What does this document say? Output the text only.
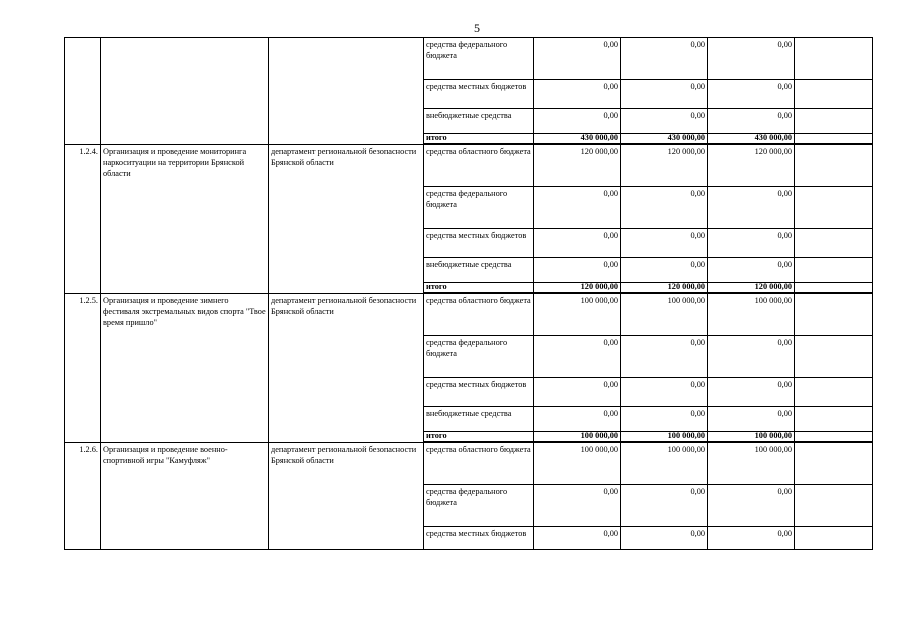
5
			средства федерального бюджета	0,00	0,00	0,00	
			средства местных бюджетов	0,00	0,00	0,00	
			внебюджетные средства	0,00	0,00	0,00	
			итого	430 000,00	430 000,00	430 000,00	
1.2.4.	Организация и проведение мониторинга наркоситуации на территории Брянской области	департамент региональной безопасности Брянской области	средства областного бюджета	120 000,00	120 000,00	120 000,00	
			средства федерального бюджета	0,00	0,00	0,00	
			средства местных бюджетов	0,00	0,00	0,00	
			внебюджетные средства	0,00	0,00	0,00	
			итого	120 000,00	120 000,00	120 000,00	
1.2.5.	Организация и проведение зимнего фестиваля экстремальных видов спорта "Твое время пришло"	департамент региональной безопасности Брянской области	средства областного бюджета	100 000,00	100 000,00	100 000,00	
			средства федерального бюджета	0,00	0,00	0,00	
			средства местных бюджетов	0,00	0,00	0,00	
			внебюджетные средства	0,00	0,00	0,00	
			итого	100 000,00	100 000,00	100 000,00	
1.2.6.	Организация и проведение военно-спортивной игры "Камуфляж"	департамент региональной безопасности Брянской области	средства областного бюджета	100 000,00	100 000,00	100 000,00	
			средства федерального бюджета	0,00	0,00	0,00	
			средства местных бюджетов	0,00	0,00	0,00	
